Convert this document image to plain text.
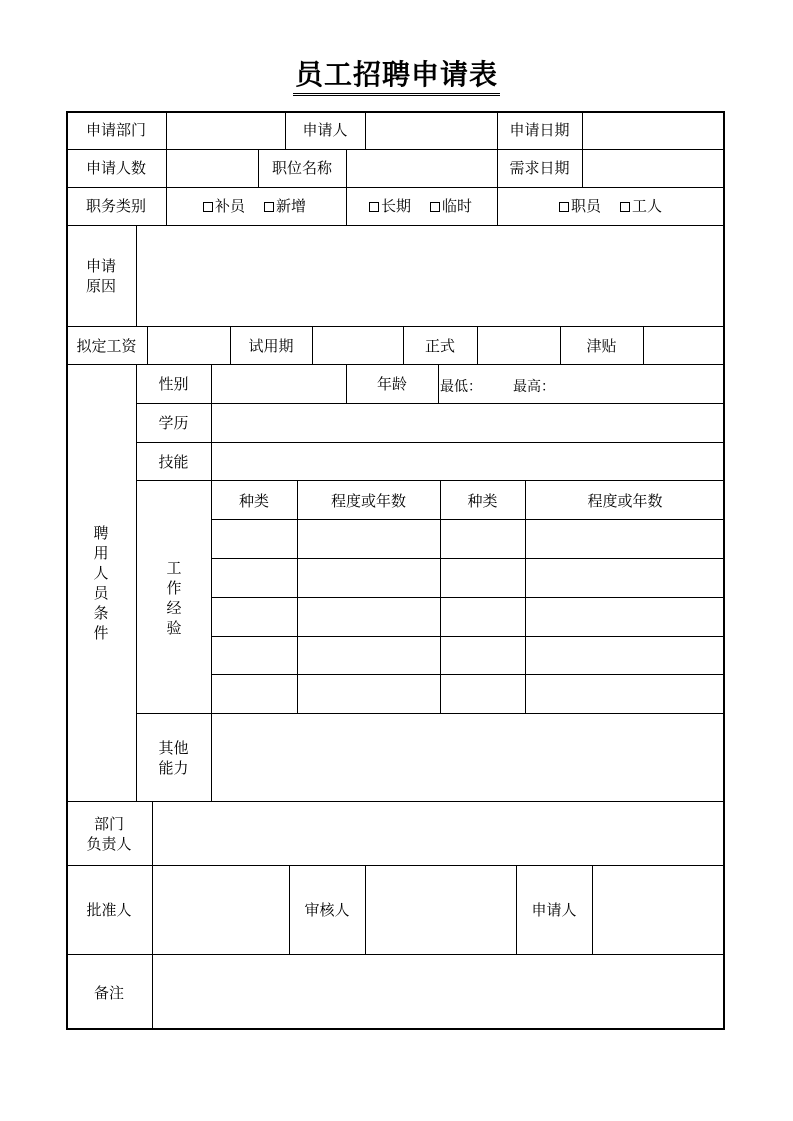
员工招聘申请表
申请部门	申请人	申请日期
申请人数	职位名称	需求日期
职务类别	补员	新增	长期	临时	职员	工人
申请
原因
拟定工资	试用期	正式	津贴
聘
用
人
员
条
件
性别	年龄	最低： 最高：
学历
技能
工
作
经
验
种类	程度或年数	种类	程度或年数
其他
能力
部门
负责人
批准人	审核人	申请人
备注
